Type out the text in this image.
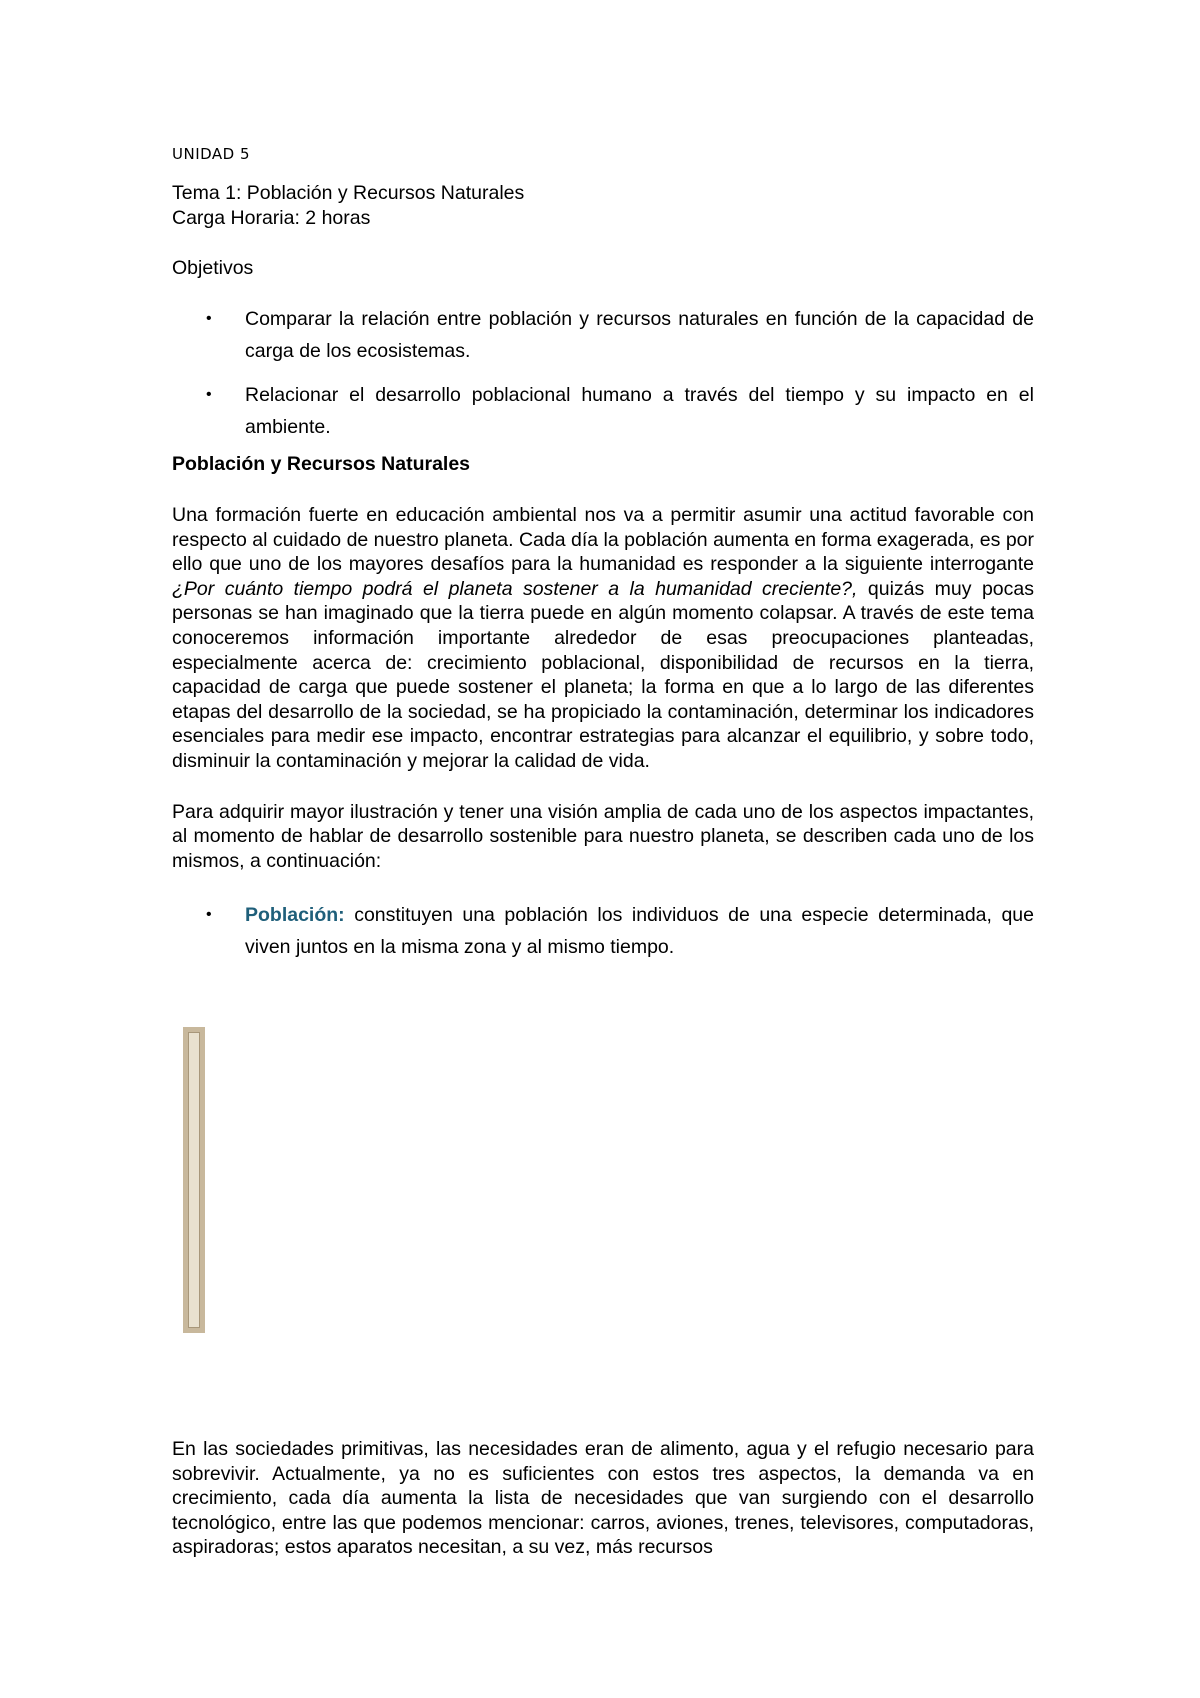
UNIDAD 5

Tema 1: Población y Recursos Naturales
Carga Horaria: 2 horas
Objetivos
• Comparar la relación entre población y recursos naturales en función de la capacidad de carga de los ecosistemas.
• Relacionar el desarrollo poblacional humano a través del tiempo y su impacto en el ambiente.
Población y Recursos Naturales

Una formación fuerte en educación ambiental nos va a permitir asumir una actitud favorable con respecto al cuidado de nuestro planeta. Cada día la población aumenta en forma exagerada, es por ello que uno de los mayores desafíos para la humanidad es responder a la siguiente interrogante ¿Por cuánto tiempo podrá el planeta sostener a la humanidad creciente?, quizás muy pocas personas se han imaginado que la tierra puede en algún momento colapsar. A través de este tema conoceremos información importante alrededor de esas preocupaciones planteadas, especialmente acerca de: crecimiento poblacional, disponibilidad de recursos en la tierra, capacidad de carga que puede sostener el planeta; la forma en que a lo largo de las diferentes etapas del desarrollo de la sociedad, se ha propiciado la contaminación, determinar los indicadores esenciales para medir ese impacto, encontrar estrategias para alcanzar el equilibrio, y sobre todo, disminuir la contaminación y mejorar la calidad de vida.

Para adquirir mayor ilustración y tener una visión amplia de cada uno de los aspectos impactantes, al momento de hablar de desarrollo sostenible para nuestro planeta, se describen cada uno de los mismos, a continuación:

• Población: constituyen una población los individuos de una especie determinada, que viven juntos en la misma zona y al mismo tiempo.

En las sociedades primitivas, las necesidades eran de alimento, agua y el refugio necesario para sobrevivir. Actualmente, ya no es suficientes con estos tres aspectos, la demanda va en crecimiento, cada día aumenta la lista de necesidades que van surgiendo con el desarrollo tecnológico, entre las que podemos mencionar: carros, aviones, trenes, televisores, computadoras, aspiradoras; estos aparatos necesitan, a su vez, más recursos
